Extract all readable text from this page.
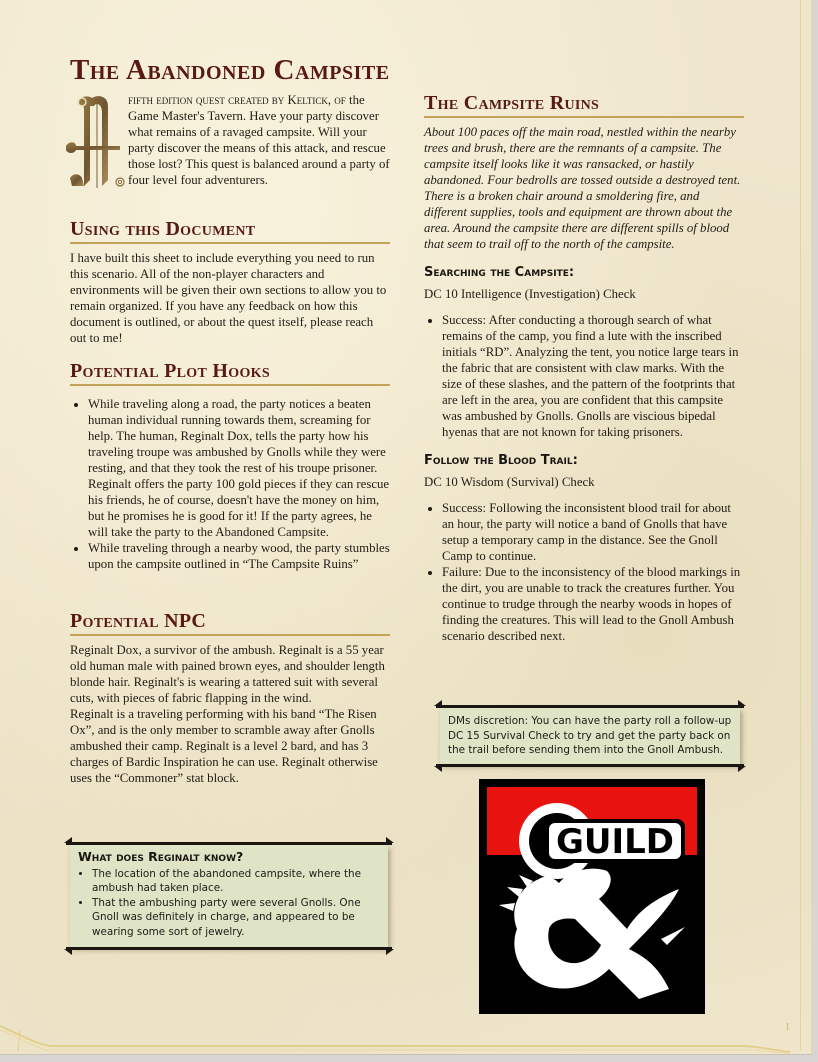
The Abandoned Campsite

fifth edition quest created by Keltick, of the Game Master's Tavern. Have your party discover what remains of a ravaged campsite. Will your party discover the means of this attack, and rescue those lost? This quest is balanced around a party of four level four adventurers.

Using this Document

I have built this sheet to include everything you need to run this scenario. All of the non-player characters and environments will be given their own sections to allow you to remain organized. If you have any feedback on how this document is outlined, or about the quest itself, please reach out to me!

Potential Plot Hooks
• While traveling along a road, the party notices a beaten human individual running towards them, screaming for help. The human, Reginalt Dox, tells the party how his traveling troupe was ambushed by Gnolls while they were resting, and that they took the rest of his troupe prisoner. Reginalt offers the party 100 gold pieces if they can rescue his friends, he of course, doesn't have the money on him, but he promises he is good for it! If the party agrees, he will take the party to the Abandoned Campsite.
• While traveling through a nearby wood, the party stumbles upon the campsite outlined in “The Campsite Ruins”
Potential NPC

Reginalt Dox, a survivor of the ambush. Reginalt is a 55 year old human male with pained brown eyes, and shoulder length blonde hair. Reginalt's is wearing a tattered suit with several cuts, with pieces of fabric flapping in the wind.

Reginalt is a traveling performing with his band “The Risen Ox”, and is the only member to scramble away after Gnolls ambushed their camp. Reginalt is a level 2 bard, and has 3 charges of Bardic Inspiration he can use. Reginalt otherwise uses the “Commoner” stat block.

What does Reginalt know?
• The location of the abandoned campsite, where the ambush had taken place.
• That the ambushing party were several Gnolls. One Gnoll was definitely in charge, and appeared to be wearing some sort of jewelry.
The Campsite Ruins

About 100 paces off the main road, nestled within the nearby trees and brush, there are the remnants of a campsite. The campsite itself looks like it was ransacked, or hastily abandoned. Four bedrolls are tossed outside a destroyed tent. There is a broken chair around a smoldering fire, and different supplies, tools and equipment are thrown about the area. Around the campsite there are different spills of blood that seem to trail off to the north of the campsite.

Searching the Campsite:

DC 10 Intelligence (Investigation) Check

• Success: After conducting a thorough search of what remains of the camp, you find a lute with the inscribed initials “RD”. Analyzing the tent, you notice large tears in the fabric that are consistent with claw marks. With the size of these slashes, and the pattern of the footprints that are left in the area, you are confident that this campsite was ambushed by Gnolls. Gnolls are viscious bipedal hyenas that are not known for taking prisoners.
Follow the Blood Trail:

DC 10 Wisdom (Survival) Check

• Success: Following the inconsistent blood trail for about an hour, the party will notice a band of Gnolls that have setup a temporary camp in the distance. See the Gnoll Camp to continue.
• Failure: Due to the inconsistency of the blood markings in the dirt, you are unable to track the creatures further. You continue to trudge through the nearby woods in hopes of finding the creatures. This will lead to the Gnoll Ambush scenario described next.

DMs discretion: You can have the party roll a follow-up DC 15 Survival Check to try and get the party back on the trail before sending them into the Gnoll Ambush.

GUILD
1
